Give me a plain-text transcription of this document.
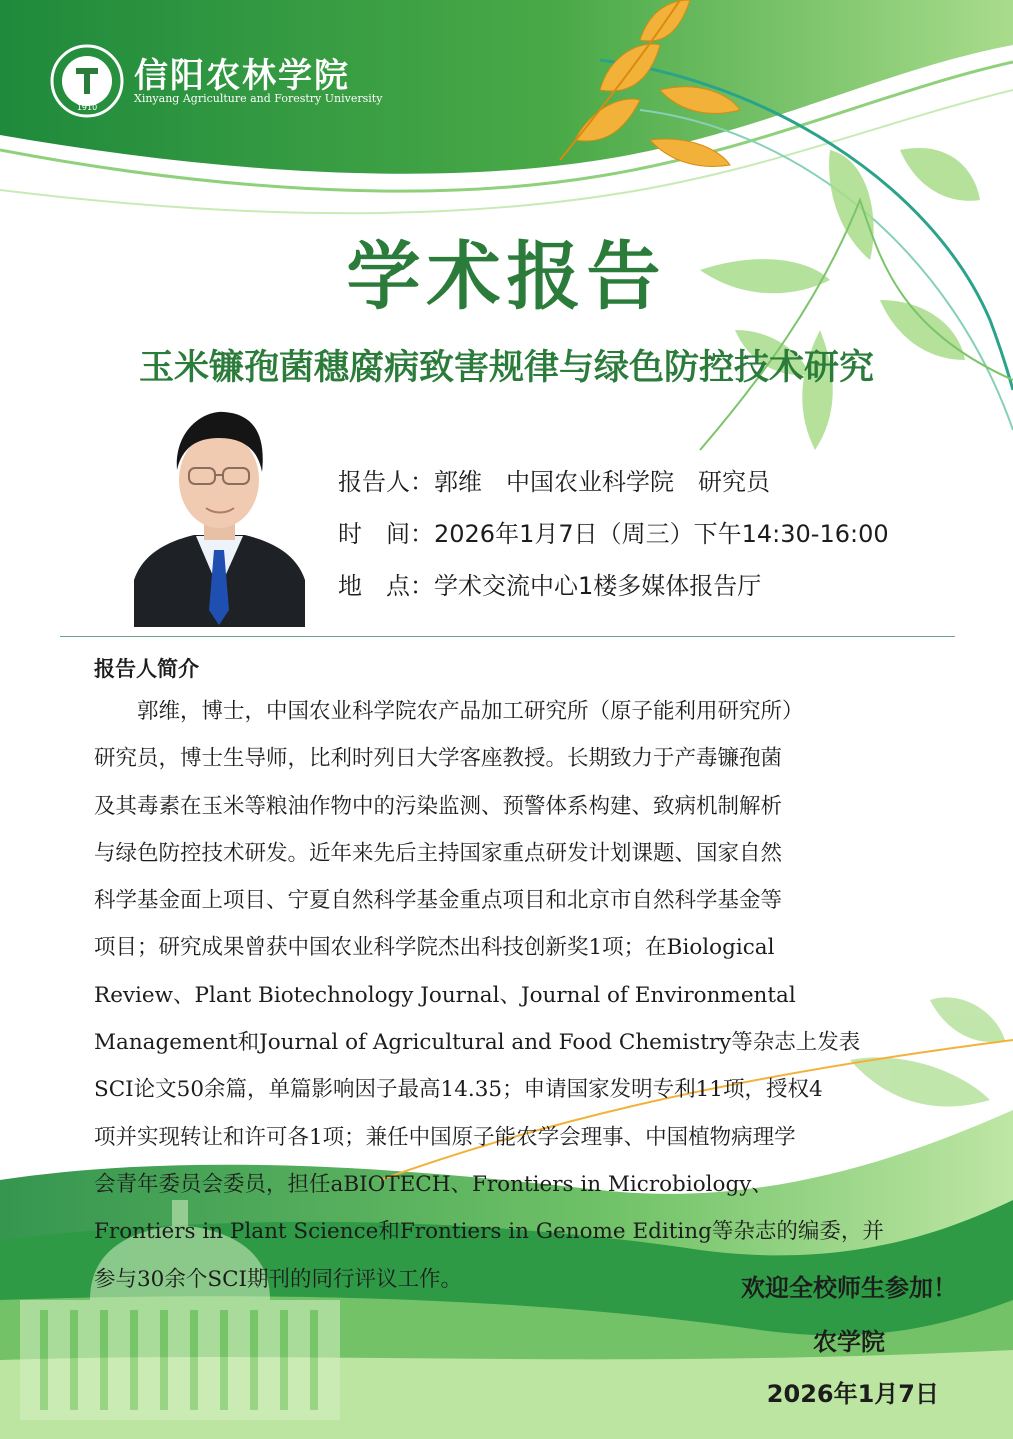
1910
信阳农林学院
Xinyang Agriculture and Forestry University
学术报告
玉米镰孢菌穗腐病致害规律与绿色防控技术研究
报告人：郭维　中国农业科学院　研究员
时　间：2026年1月7日（周三）下午14:30-16:00
地　点：学术交流中心1楼多媒体报告厅
报告人简介
　　郭维，博士，中国农业科学院农产品加工研究所（原子能利用研究所）
研究员，博士生导师，比利时列日大学客座教授。长期致力于产毒镰孢菌
及其毒素在玉米等粮油作物中的污染监测、预警体系构建、致病机制解析
与绿色防控技术研发。近年来先后主持国家重点研发计划课题、国家自然
科学基金面上项目、宁夏自然科学基金重点项目和北京市自然科学基金等
项目；研究成果曾获中国农业科学院杰出科技创新奖1项；在Biological
Review、Plant Biotechnology Journal、Journal of Environmental
Management和Journal of Agricultural and Food Chemistry等杂志上发表
SCI论文50余篇，单篇影响因子最高14.35；申请国家发明专利11项，授权4
项并实现转让和许可各1项；兼任中国原子能农学会理事、中国植物病理学
会青年委员会委员，担任aBIOTECH、Frontiers in Microbiology、
Frontiers in Plant Science和Frontiers in Genome Editing等杂志的编委，并
参与30余个SCI期刊的同行评议工作。	欢迎全校师生参加！
农学院
2026年1月7日
